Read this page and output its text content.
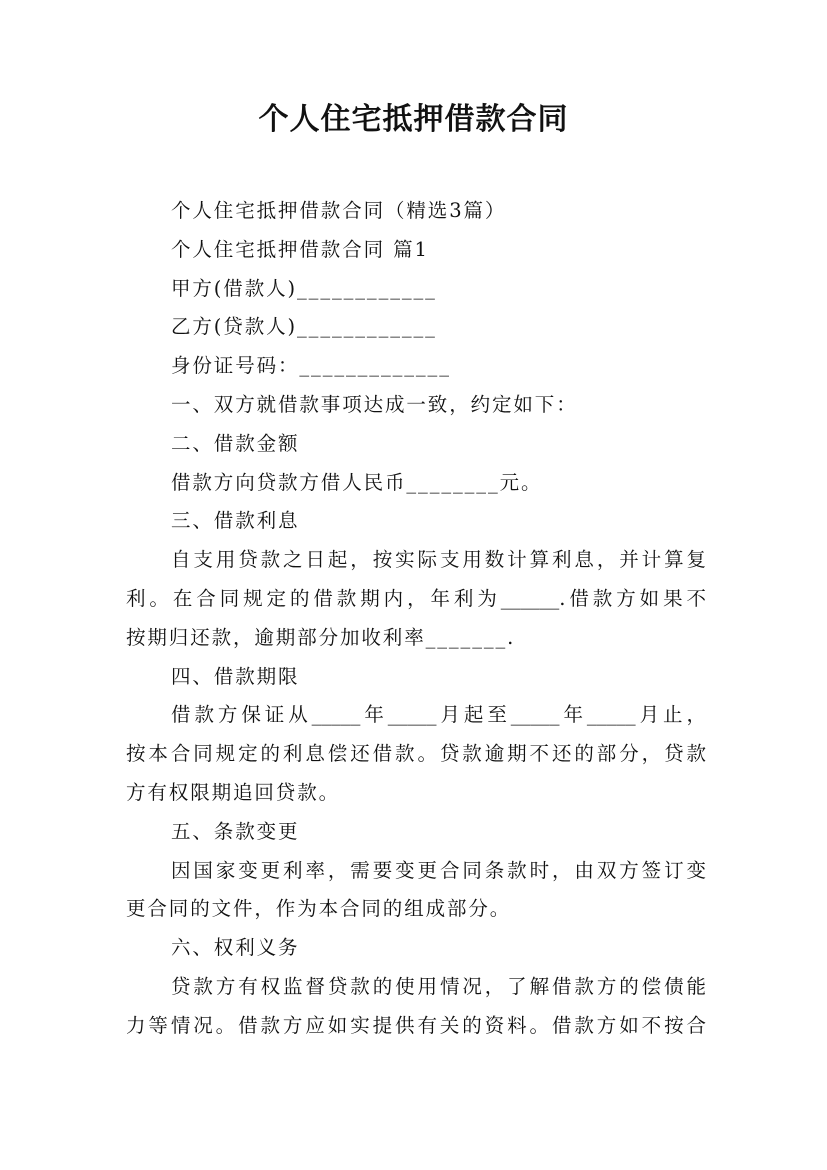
个人住宅抵押借款合同
个人住宅抵押借款合同（精选3篇）
个人住宅抵押借款合同 篇1
甲方(借款人)____________
乙方(贷款人)____________
身份证号码：_____________
一、双方就借款事项达成一致，约定如下：
二、借款金额
借款方向贷款方借人民币________元。
三、借款利息
自支用贷款之日起，按实际支用数计算利息，并计算复
利。在合同规定的借款期内，年利为______.借款方如果不
按期归还款，逾期部分加收利率_______.
四、借款期限
借款方保证从_____年_____月起至_____年_____月止，
按本合同规定的利息偿还借款。贷款逾期不还的部分，贷款
方有权限期追回贷款。
五、条款变更
因国家变更利率，需要变更合同条款时，由双方签订变
更合同的文件，作为本合同的组成部分。
六、权利义务
贷款方有权监督贷款的使用情况，了解借款方的偿债能
力等情况。借款方应如实提供有关的资料。借款方如不按合
